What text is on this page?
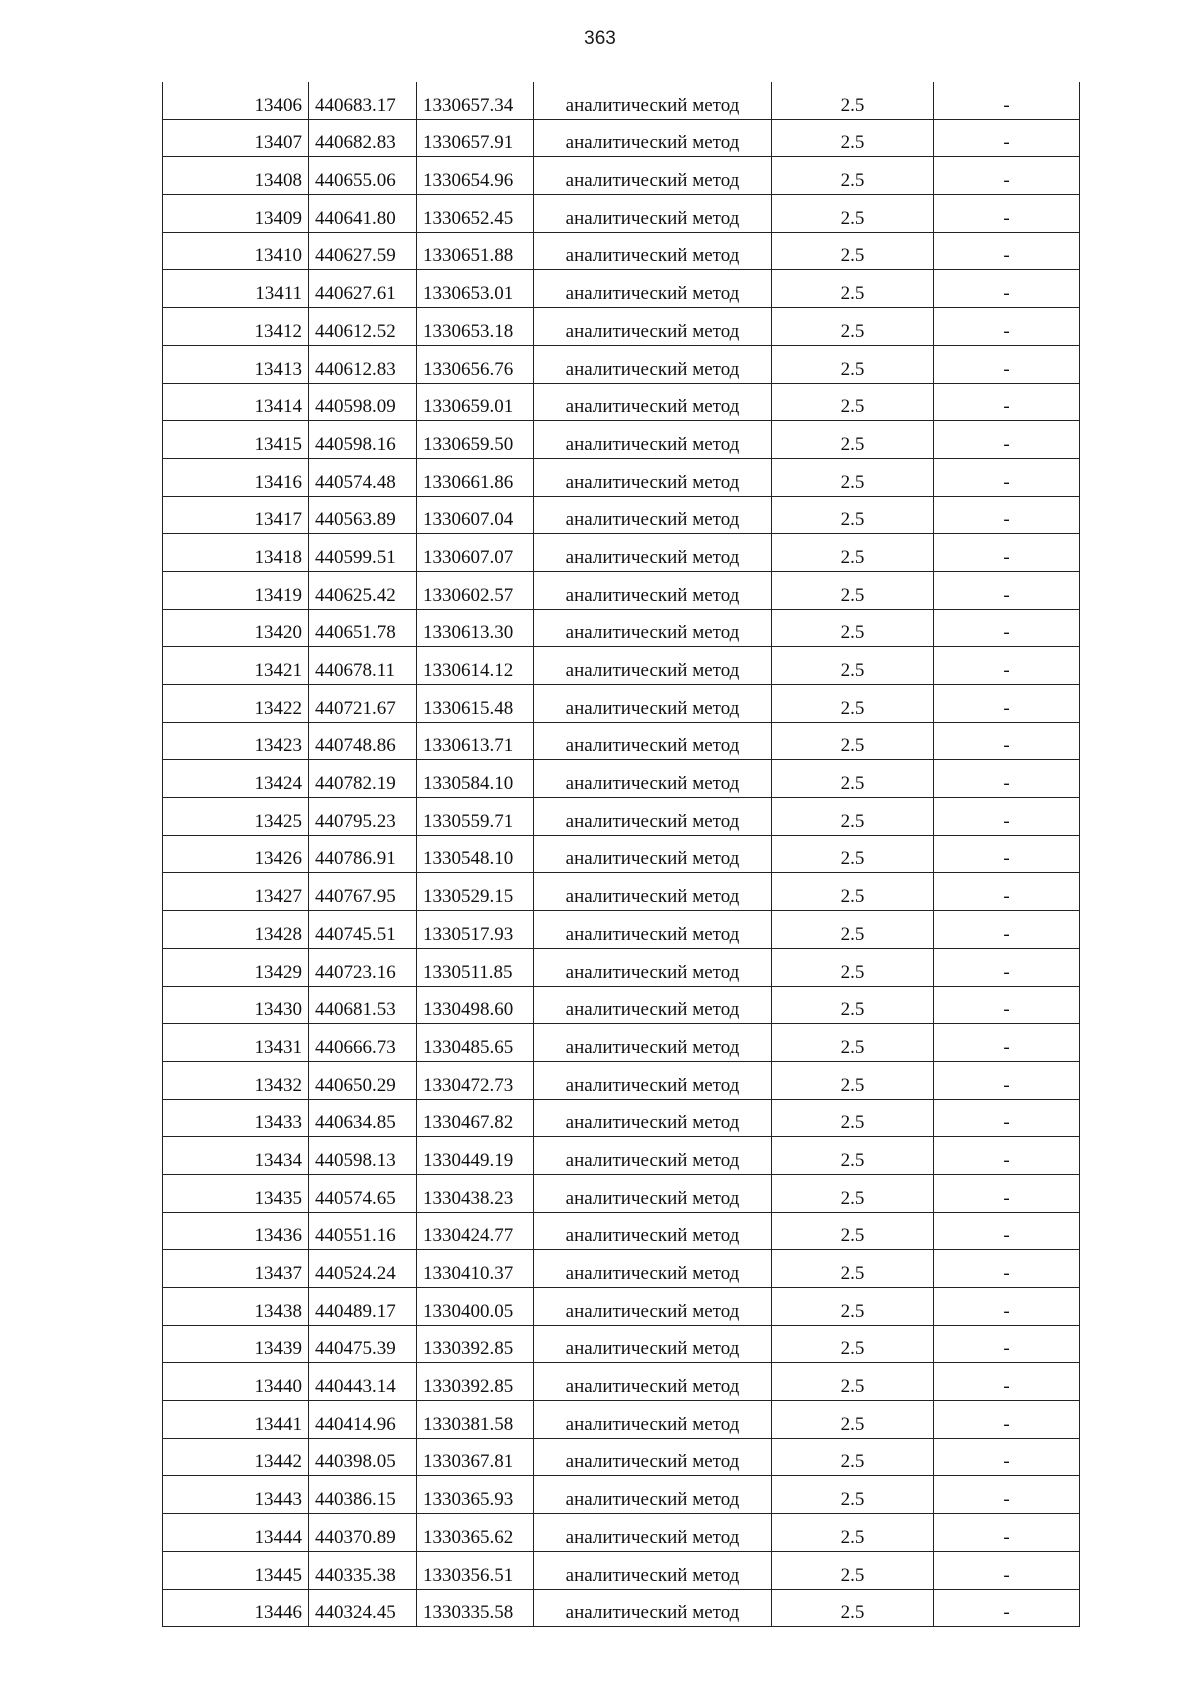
363
13406	440683.17	1330657.34	аналитический метод	2.5	-

13407	440682.83	1330657.91	аналитический метод	2.5	-

13408	440655.06	1330654.96	аналитический метод	2.5	-

13409	440641.80	1330652.45	аналитический метод	2.5	-

13410	440627.59	1330651.88	аналитический метод	2.5	-

13411	440627.61	1330653.01	аналитический метод	2.5	-

13412	440612.52	1330653.18	аналитический метод	2.5	-

13413	440612.83	1330656.76	аналитический метод	2.5	-

13414	440598.09	1330659.01	аналитический метод	2.5	-

13415	440598.16	1330659.50	аналитический метод	2.5	-

13416	440574.48	1330661.86	аналитический метод	2.5	-

13417	440563.89	1330607.04	аналитический метод	2.5	-

13418	440599.51	1330607.07	аналитический метод	2.5	-

13419	440625.42	1330602.57	аналитический метод	2.5	-

13420	440651.78	1330613.30	аналитический метод	2.5	-

13421	440678.11	1330614.12	аналитический метод	2.5	-

13422	440721.67	1330615.48	аналитический метод	2.5	-

13423	440748.86	1330613.71	аналитический метод	2.5	-

13424	440782.19	1330584.10	аналитический метод	2.5	-

13425	440795.23	1330559.71	аналитический метод	2.5	-

13426	440786.91	1330548.10	аналитический метод	2.5	-

13427	440767.95	1330529.15	аналитический метод	2.5	-

13428	440745.51	1330517.93	аналитический метод	2.5	-

13429	440723.16	1330511.85	аналитический метод	2.5	-

13430	440681.53	1330498.60	аналитический метод	2.5	-

13431	440666.73	1330485.65	аналитический метод	2.5	-

13432	440650.29	1330472.73	аналитический метод	2.5	-

13433	440634.85	1330467.82	аналитический метод	2.5	-

13434	440598.13	1330449.19	аналитический метод	2.5	-

13435	440574.65	1330438.23	аналитический метод	2.5	-

13436	440551.16	1330424.77	аналитический метод	2.5	-

13437	440524.24	1330410.37	аналитический метод	2.5	-

13438	440489.17	1330400.05	аналитический метод	2.5	-

13439	440475.39	1330392.85	аналитический метод	2.5	-

13440	440443.14	1330392.85	аналитический метод	2.5	-

13441	440414.96	1330381.58	аналитический метод	2.5	-

13442	440398.05	1330367.81	аналитический метод	2.5	-

13443	440386.15	1330365.93	аналитический метод	2.5	-

13444	440370.89	1330365.62	аналитический метод	2.5	-

13445	440335.38	1330356.51	аналитический метод	2.5	-

13446	440324.45	1330335.58	аналитический метод	2.5	-
